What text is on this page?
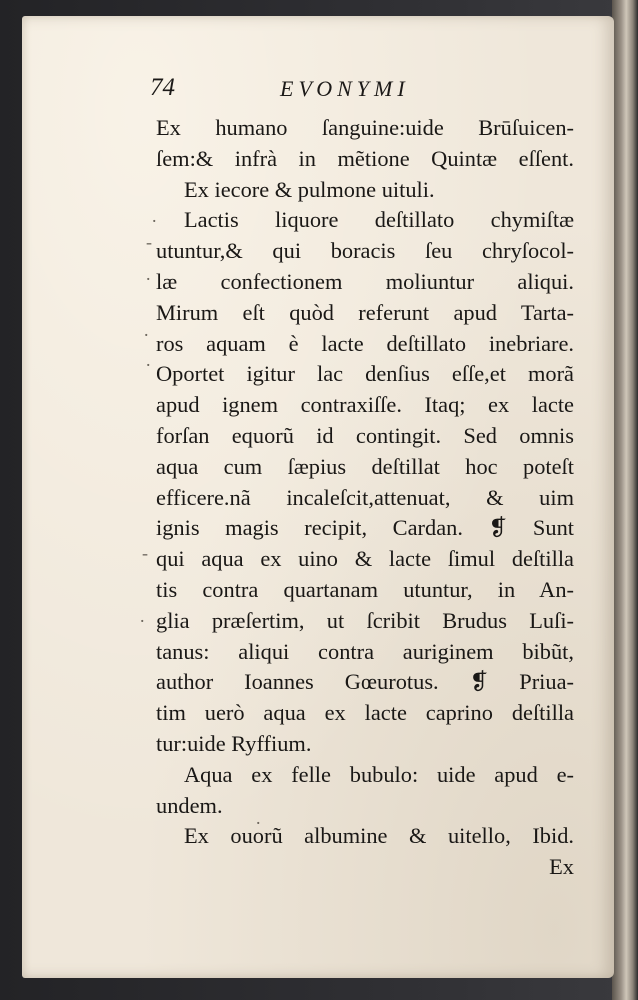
74	EVONYMI
Ex humano ſanguine:uide Brūſuicen-
ſem:& infrà in mẽtione Quintæ eſſent.
Ex iecore & pulmone uituli.
Lactis liquore deſtillato chymiſtæ
utuntur,& qui boracis ſeu chryſocol-
læ confectionem moliuntur aliqui.
Mirum eſt quòd referunt apud Tarta-
ros aquam è lacte deſtillato inebriare.
Oportet igitur lac denſius eſſe,et morã
apud ignem contraxiſſe. Itaq; ex lacte
forſan equorũ id contingit. Sed omnis
aqua cum ſæpius deſtillat hoc poteſt
efficere.nã incaleſcit,attenuat, & uim
ignis magis recipit, Cardan. ❡ Sunt
qui aqua ex uino & lacte ſimul deſtilla
tis contra quartanam utuntur, in An-
glia præſertim, ut ſcribit Brudus Luſi-
tanus: aliqui contra auriginem bibũt,
author Ioannes Gœurotus. ❡ Priua-
tim uerò aqua ex lacte caprino deſtilla
tur:uide Ryffium.
Aqua ex felle bubulo: uide apud e-
undem.
Ex ouorũ albumine & uitello, Ibid.
Ex
.
-
.
.
.
-
.
.
